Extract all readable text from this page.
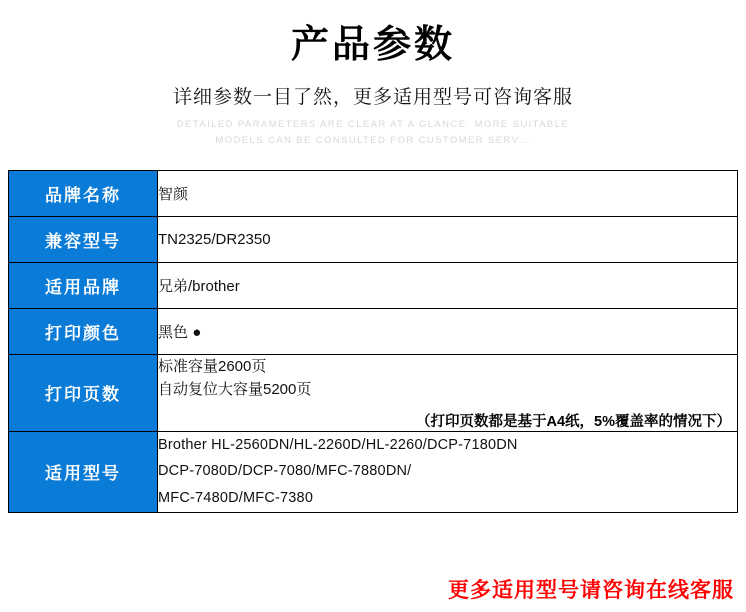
产品参数
详细参数一目了然，更多适用型号可咨询客服
DETAILED PARAMETERS ARE CLEAR AT A GLANCE. MORE SUITABLE
MODELS CAN BE CONSULTED FOR CUSTOMER SERV...
品牌名称	智颜
兼容型号	TN2325/DR2350
适用品牌	兄弟/brother
打印颜色	黑色 ●
打印页数	标准容量2600页
自动复位大容量5200页
（打印页数都是基于A4纸，5%覆盖率的情况下）

适用型号	Brother HL-2560DN/HL-2260D/HL-2260/DCP-7180DN
DCP-7080D/DCP-7080/MFC-7880DN/
MFC-7480D/MFC-7380
更多适用型号请咨询在线客服
